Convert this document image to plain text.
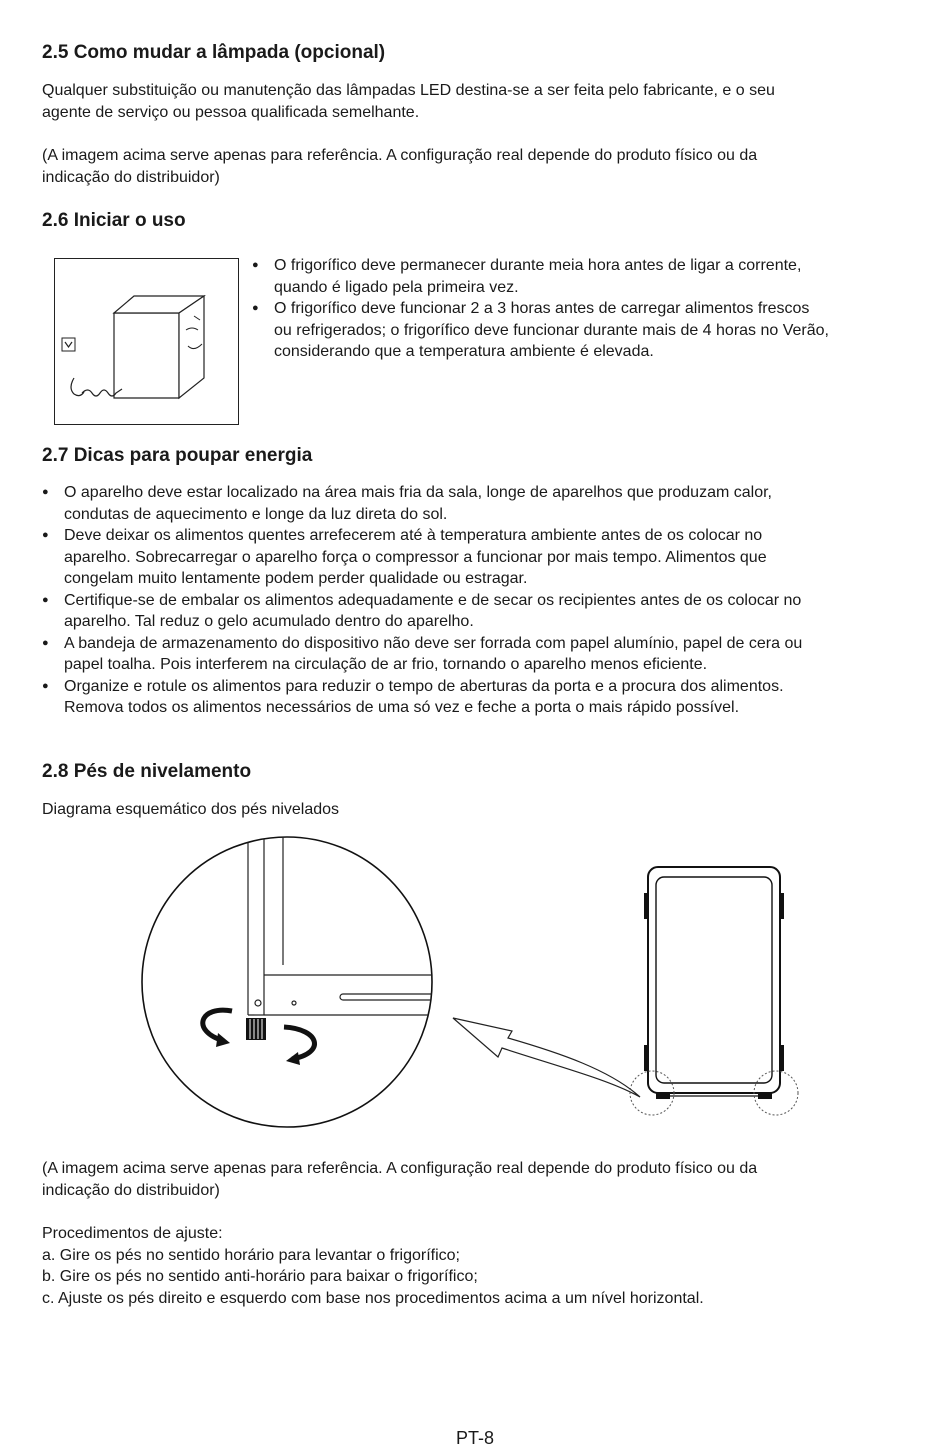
2.5 Como mudar a lâmpada (opcional)
Qualquer substituição ou manutenção das lâmpadas LED destina-se a ser feita pelo fabricante, e o seu
agente de serviço ou pessoa qualificada semelhante.
(A imagem acima serve apenas para referência. A configuração real depende do produto físico ou da
indicação do distribuidor)
2.6 Iniciar o uso
● O frigorífico deve permanecer durante meia hora antes de ligar a corrente,
quando é ligado pela primeira vez.
● O frigorífico deve funcionar 2 a 3 horas antes de carregar alimentos frescos
ou refrigerados; o frigorífico deve funcionar durante mais de 4 horas no Verão,
considerando que a temperatura ambiente é elevada.
2.7 Dicas para poupar energia
● O aparelho deve estar localizado na área mais fria da sala, longe de aparelhos que produzam calor,
condutas de aquecimento e longe da luz direta do sol.
● Deve deixar os alimentos quentes arrefecerem até à temperatura ambiente antes de os colocar no
aparelho. Sobrecarregar o aparelho força o compressor a funcionar por mais tempo. Alimentos que
congelam muito lentamente podem perder qualidade ou estragar.
● Certifique-se de embalar os alimentos adequadamente e de secar os recipientes antes de os colocar no
aparelho. Tal reduz o gelo acumulado dentro do aparelho.
● A bandeja de armazenamento do dispositivo não deve ser forrada com papel alumínio, papel de cera ou
papel toalha. Pois interferem na circulação de ar frio, tornando o aparelho menos eficiente.
● Organize e rotule os alimentos para reduzir o tempo de aberturas da porta e a procura dos alimentos.
Remova todos os alimentos necessários de uma só vez e feche a porta o mais rápido possível.
2.8 Pés de nivelamento
Diagrama esquemático dos pés nivelados
(A imagem acima serve apenas para referência. A configuração real depende do produto físico ou da
indicação do distribuidor)
Procedimentos de ajuste:
a. Gire os pés no sentido horário para levantar o frigorífico;
b. Gire os pés no sentido anti-horário para baixar o frigorífico;
c. Ajuste os pés direito e esquerdo com base nos procedimentos acima a um nível horizontal.
PT-8
